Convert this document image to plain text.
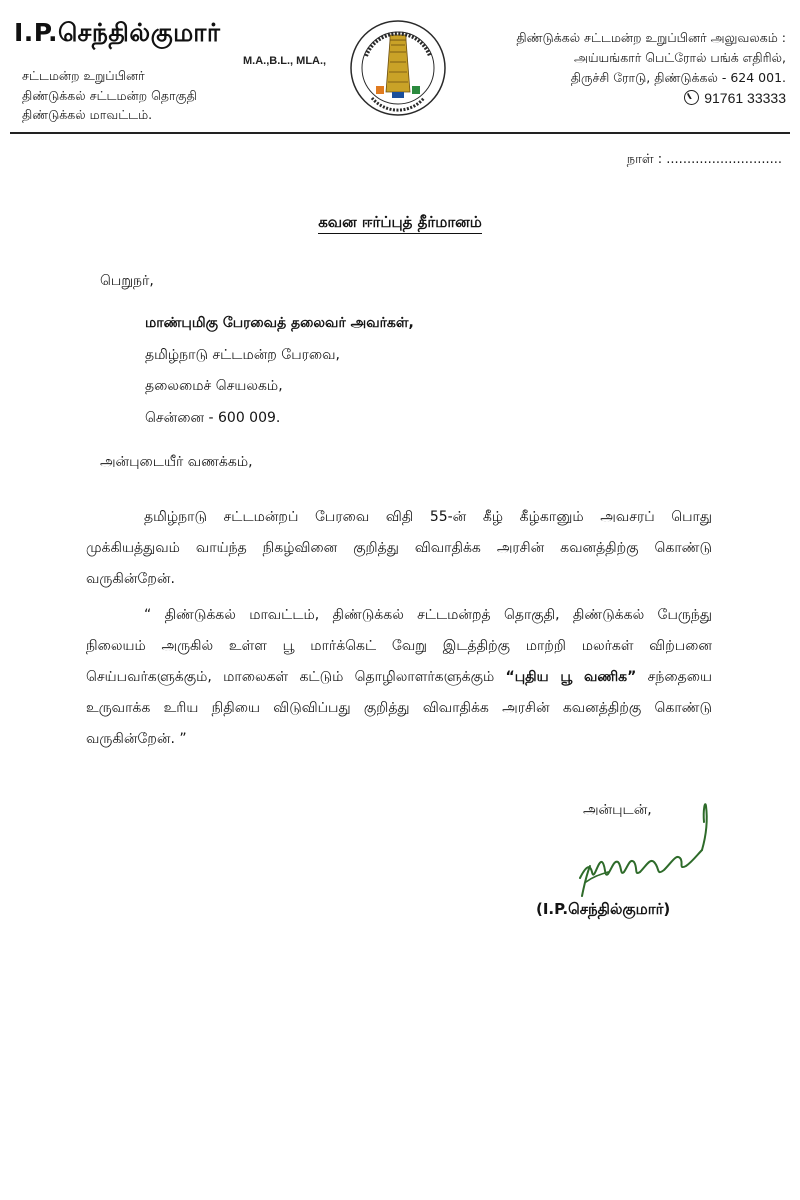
I.P.செந்தில்குமார்
M.A.,B.L., MLA.,
சட்டமன்ற உறுப்பினர்
திண்டுக்கல் சட்டமன்ற தொகுதி
திண்டுக்கல் மாவட்டம்.
திண்டுக்கல் சட்டமன்ற உறுப்பினர் அலுவலகம் :
அய்யங்கார் பெட்ரோல் பங்க் எதிரில்,
திருச்சி ரோடு, திண்டுக்கல் - 624 001.
91761 33333
நாள் : ............................
கவன ஈர்ப்புத் தீர்மானம்
பெறுநர்,
மாண்புமிகு பேரவைத் தலைவர் அவர்கள்,
தமிழ்நாடு சட்டமன்ற பேரவை,
தலைமைச் செயலகம்,
சென்னை - 600 009.
அன்புடையீர் வணக்கம்,
தமிழ்நாடு சட்டமன்றப் பேரவை விதி 55-ன் கீழ் கீழ்கானும் அவசரப் பொது முக்கியத்துவம் வாய்ந்த நிகழ்வினை குறித்து விவாதிக்க அரசின் கவனத்திற்கு கொண்டு வருகின்றேன்.
“ திண்டுக்கல் மாவட்டம், திண்டுக்கல் சட்டமன்றத் தொகுதி, திண்டுக்கல் பேருந்து நிலையம் அருகில் உள்ள பூ மார்க்கெட் வேறு இடத்திற்கு மாற்றி மலர்கள் விற்பனை செய்பவர்களுக்கும், மாலைகள் கட்டும் தொழிலாளர்களுக்கும் “புதிய பூ வணிக” சந்தையை உருவாக்க உரிய நிதியை விடுவிப்பது குறித்து விவாதிக்க அரசின் கவனத்திற்கு கொண்டு வருகின்றேன். ”
அன்புடன்,
(I.P.செந்தில்குமார்)
